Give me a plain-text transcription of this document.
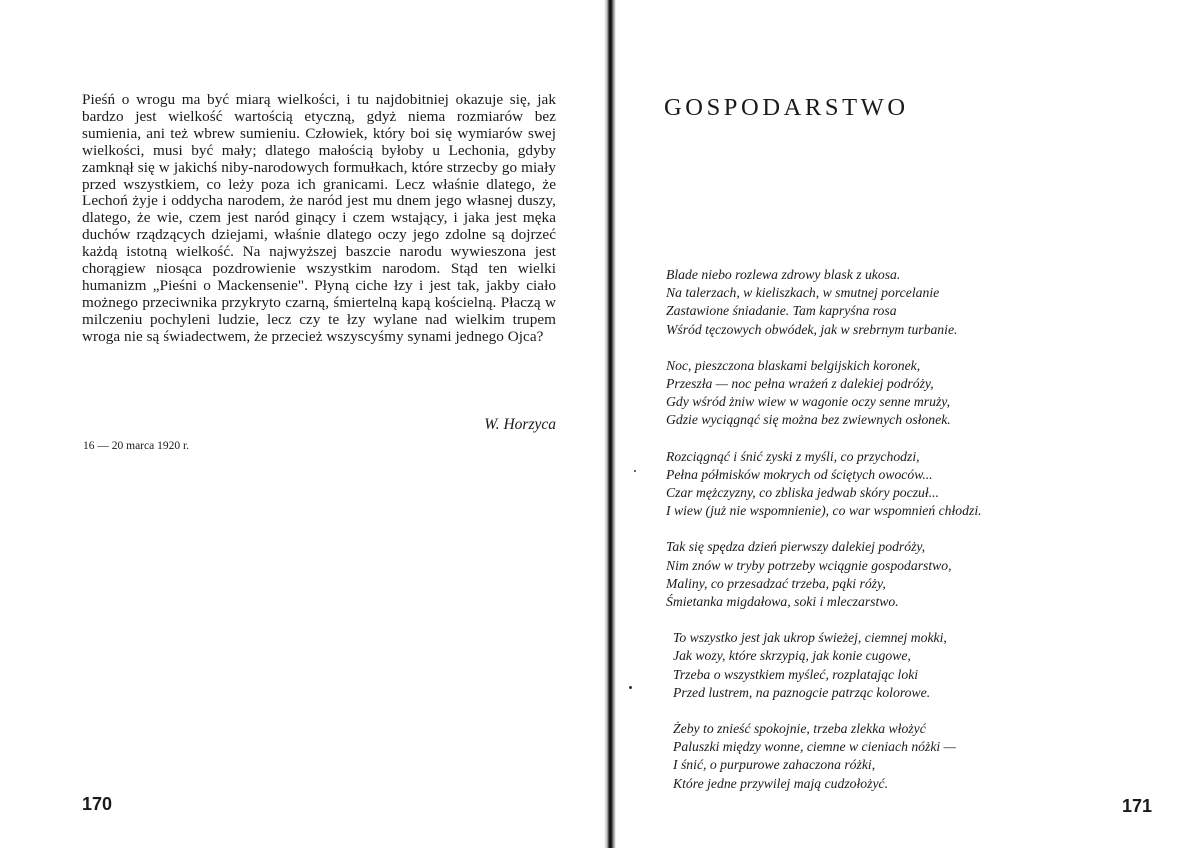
Pieśń o wrogu ma być miarą wielkości, i tu najdobitniej okazuje się, jak bardzo jest wielkość wartością etyczną, gdyż niema rozmiarów bez sumienia, ani też wbrew sumieniu. Człowiek, który boi się wymiarów swej wielkości, musi być mały; dlatego małością byłoby u Lechonia, gdyby zamknął się w jakichś niby-narodowych formułkach, które strzecby go miały przed wszystkiem, co leży poza ich granicami. Lecz właśnie dlatego, że Lechoń żyje i oddycha narodem, że naród jest mu dnem jego własnej duszy, dlatego, że wie, czem jest naród ginący i czem wstający, i jaka jest męka duchów rządzących dziejami, właśnie dlatego oczy jego zdolne są dojrzeć każdą istotną wielkość. Na najwyższej baszcie narodu wywieszona jest chorągiew niosąca pozdrowienie wszystkim narodom. Stąd ten wielki humanizm „Pieśni o Mackensenie". Płyną ciche łzy i jest tak, jakby ciało możnego przeciwnika przykryto czarną, śmiertelną kapą kościelną. Płaczą w milczeniu pochyleni ludzie, lecz czy te łzy wylane nad wielkim trupem wroga nie są świadectwem, że przecież wszyscyśmy synami jednego Ojca?

W. Horzyca
16 — 20 marca 1920 r.
170
GOSPODARSTWO
Blade niebo rozlewa zdrowy blask z ukosa.
Na talerzach, w kieliszkach, w smutnej porcelanie
Zastawione śniadanie. Tam kapryśna rosa
Wśród tęczowych obwódek, jak w srebrnym turbanie.
Noc, pieszczona blaskami belgijskich koronek,
Przeszła — noc pełna wrażeń z dalekiej podróży,
Gdy wśród żniw wiew w wagonie oczy senne mruży,
Gdzie wyciągnąć się można bez zwiewnych osłonek.
Rozciągnąć i śnić zyski z myśli, co przychodzi,
Pełna półmisków mokrych od ściętych owoców...
Czar mężczyzny, co zbliska jedwab skóry poczuł...
I wiew (już nie wspomnienie), co war wspomnień chłodzi.
Tak się spędza dzień pierwszy dalekiej podróży,
Nim znów w tryby potrzeby wciągnie gospodarstwo,
Maliny, co przesadzać trzeba, pąki róży,
Śmietanka migdałowa, soki i mleczarstwo.
To wszystko jest jak ukrop świeżej, ciemnej mokki,
Jak wozy, które skrzypią, jak konie cugowe,
Trzeba o wszystkiem myśleć, rozplatając loki
Przed lustrem, na paznogcie patrząc kolorowe.
Żeby to znieść spokojnie, trzeba zlekka włożyć
Paluszki między wonne, ciemne w cieniach nóżki —
I śnić, o purpurowe zahaczona różki,
Które jedne przywilej mają cudzołożyć.
171
